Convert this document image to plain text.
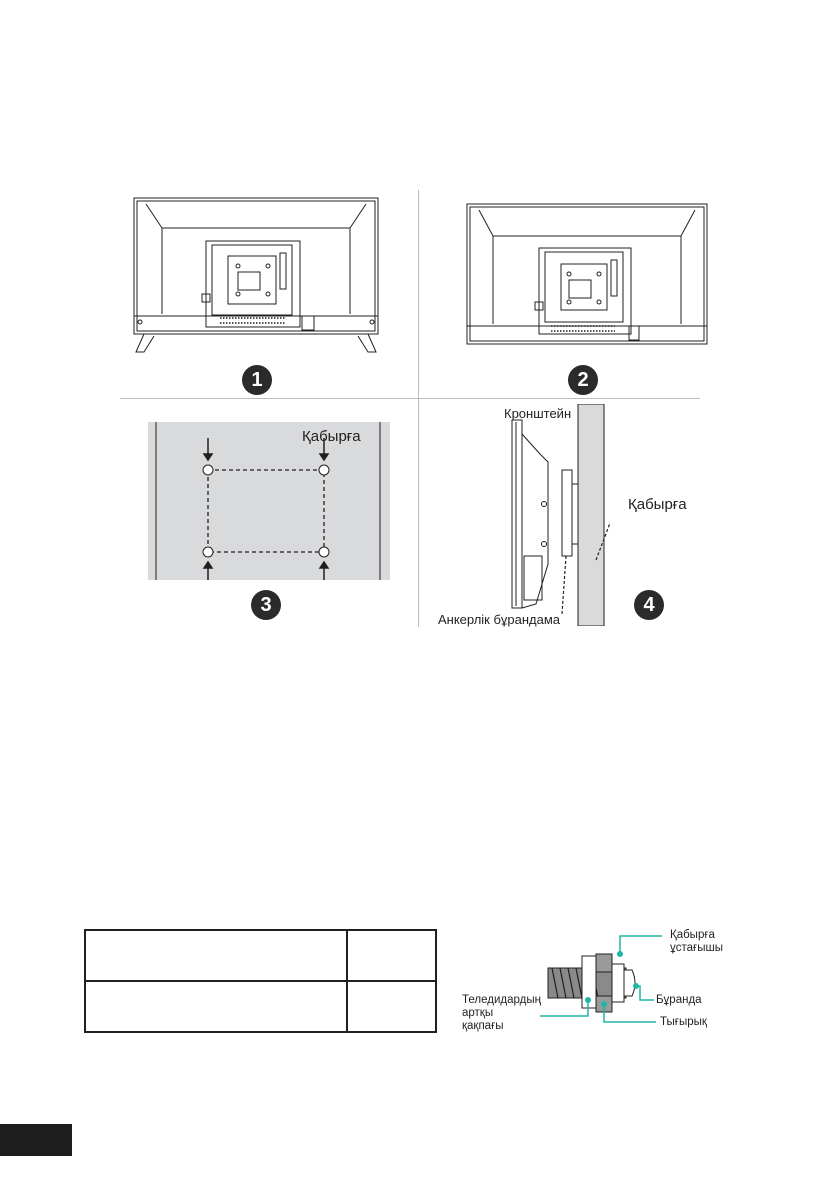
1	2
Қабырға
3
Кронштейн
Қабырға
Анкерлік бұрандама
4

Қабырға
ұстағышы
Бұранда
Теледидардың
артқы
қақпағы	Тығырық
